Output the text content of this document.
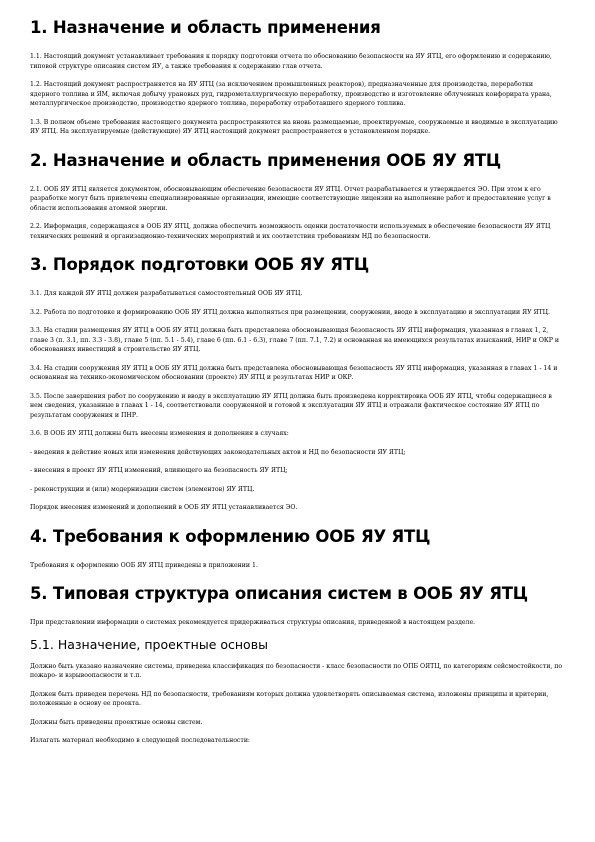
1. Назначение и область применения

1.1. Настоящий документ устанавливает требования к порядку подготовки отчета по обоснованию безопасности на ЯУ ЯТЦ, его оформлению и содержанию, типовой структуре описания систем ЯУ, а также требования к содержанию глав отчета.

1.2. Настоящий документ распространяется на ЯУ ЯТЦ (за исключением промышленных реакторов), предназначенные для производства, переработки ядерного топлива и ЯМ, включая добычу урановых руд, гидрометаллургическую переработку, производство и изготовление облученных конфорирата урана, металлургическое производство, производство ядерного топлива, переработку отработавшего ядерного топлива.

1.3. В полном объеме требования настоящего документа распространяются на вновь размещаемые, проектируемые, сооружаемые и вводимые в эксплуатацию ЯУ ЯТЦ. На эксплуатируемые (действующие) ЯУ ЯТЦ настоящий документ распространяется в установленном порядке.

2. Назначение и область применения ООБ ЯУ ЯТЦ

2.1. ООБ ЯУ ЯТЦ является документом, обосновывающим обеспечение безопасности ЯУ ЯТЦ. Отчет разрабатывается и утверждается ЭО. При этом к его разработке могут быть привлечены специализированные организации, имеющие соответствующие лицензии на выполнение работ и предоставление услуг в области использования атомной энергии.

2.2. Информация, содержащаяся в ООБ ЯУ ЯТЦ, должна обеспечить возможность оценки достаточности используемых в обеспечение безопасности ЯУ ЯТЦ технических решений и организационно-технических мероприятий и их соответствия требованиям НД по безопасности.

3. Порядок подготовки ООБ ЯУ ЯТЦ

3.1. Для каждой ЯУ ЯТЦ должен разрабатываться самостоятельный ООБ ЯУ ЯТЦ.

3.2. Работа по подготовке и формированию ООБ ЯУ ЯТЦ должна выполняться при размещении, сооружении, вводе в эксплуатацию и эксплуатации ЯУ ЯТЦ.

3.3. На стадии размещения ЯУ ЯТЦ в ООБ ЯУ ЯТЦ должна быть представлена обосновывающая безопасность ЯУ ЯТЦ информация, указанная в главах 1, 2, главе 3 (п. 3.1, пп. 3.3 - 3.8), главе 5 (пп. 5.1 - 5.4), главе 6 (пп. 6.1 - 6.3), главе 7 (пп. 7.1, 7.2) и основанная на имеющихся результатах изысканий, НИР и ОКР и обоснованиях инвестиций в строительство ЯУ ЯТЦ.

3.4. На стадии сооружения ЯУ ЯТЦ в ООБ ЯУ ЯТЦ должна быть представлена обосновывающая безопасность ЯУ ЯТЦ информация, указанная в главах 1 - 14 и основанная на технико-экономическом обосновании (проекте) ЯУ ЯТЦ и результатах НИР и ОКР.

3.5. После завершения работ по сооружению и вводу в эксплуатацию ЯУ ЯТЦ должна быть произведена корректировка ООБ ЯУ ЯТЦ, чтобы содержащиеся в нем сведения, указанные в главах 1 - 14, соответствовали сооруженной и готовой к эксплуатации ЯУ ЯТЦ и отражали фактическое состояние ЯУ ЯТЦ по результатам сооружения и ПНР.

3.6. В ООБ ЯУ ЯТЦ должны быть внесены изменения и дополнения в случаях:

- введения в действие новых или изменения действующих законодательных актов и НД по безопасности ЯУ ЯТЦ;

- внесения в проект ЯУ ЯТЦ изменений, влияющего на безопасность ЯУ ЯТЦ;

- реконструкции и (или) модернизации систем (элементов) ЯУ ЯТЦ.

Порядок внесения изменений и дополнений в ООБ ЯУ ЯТЦ устанавливается ЭО.

4. Требования к оформлению ООБ ЯУ ЯТЦ

Требования к оформлению ООБ ЯУ ЯТЦ приведены в приложении 1.

5. Типовая структура описания систем в ООБ ЯУ ЯТЦ

При представлении информации о системах рекомендуется придерживаться структуры описания, приведенной в настоящем разделе.

5.1. Назначение, проектные основы

Должно быть указано назначение системы, приведена классификация по безопасности - класс безопасности по ОПБ ОЯТЦ, по категориям сейсмостойкости, по пожаро- и взрывоопасности и т.п.

Должен быть приведен перечень НД по безопасности, требованиям которых должна удовлетворять описываемая система, изложены принципы и критерии, положенные в основу ее проекта.

Должны быть приведены проектные основы систем.

Излагать материал необходимо в следующей последовательности:
